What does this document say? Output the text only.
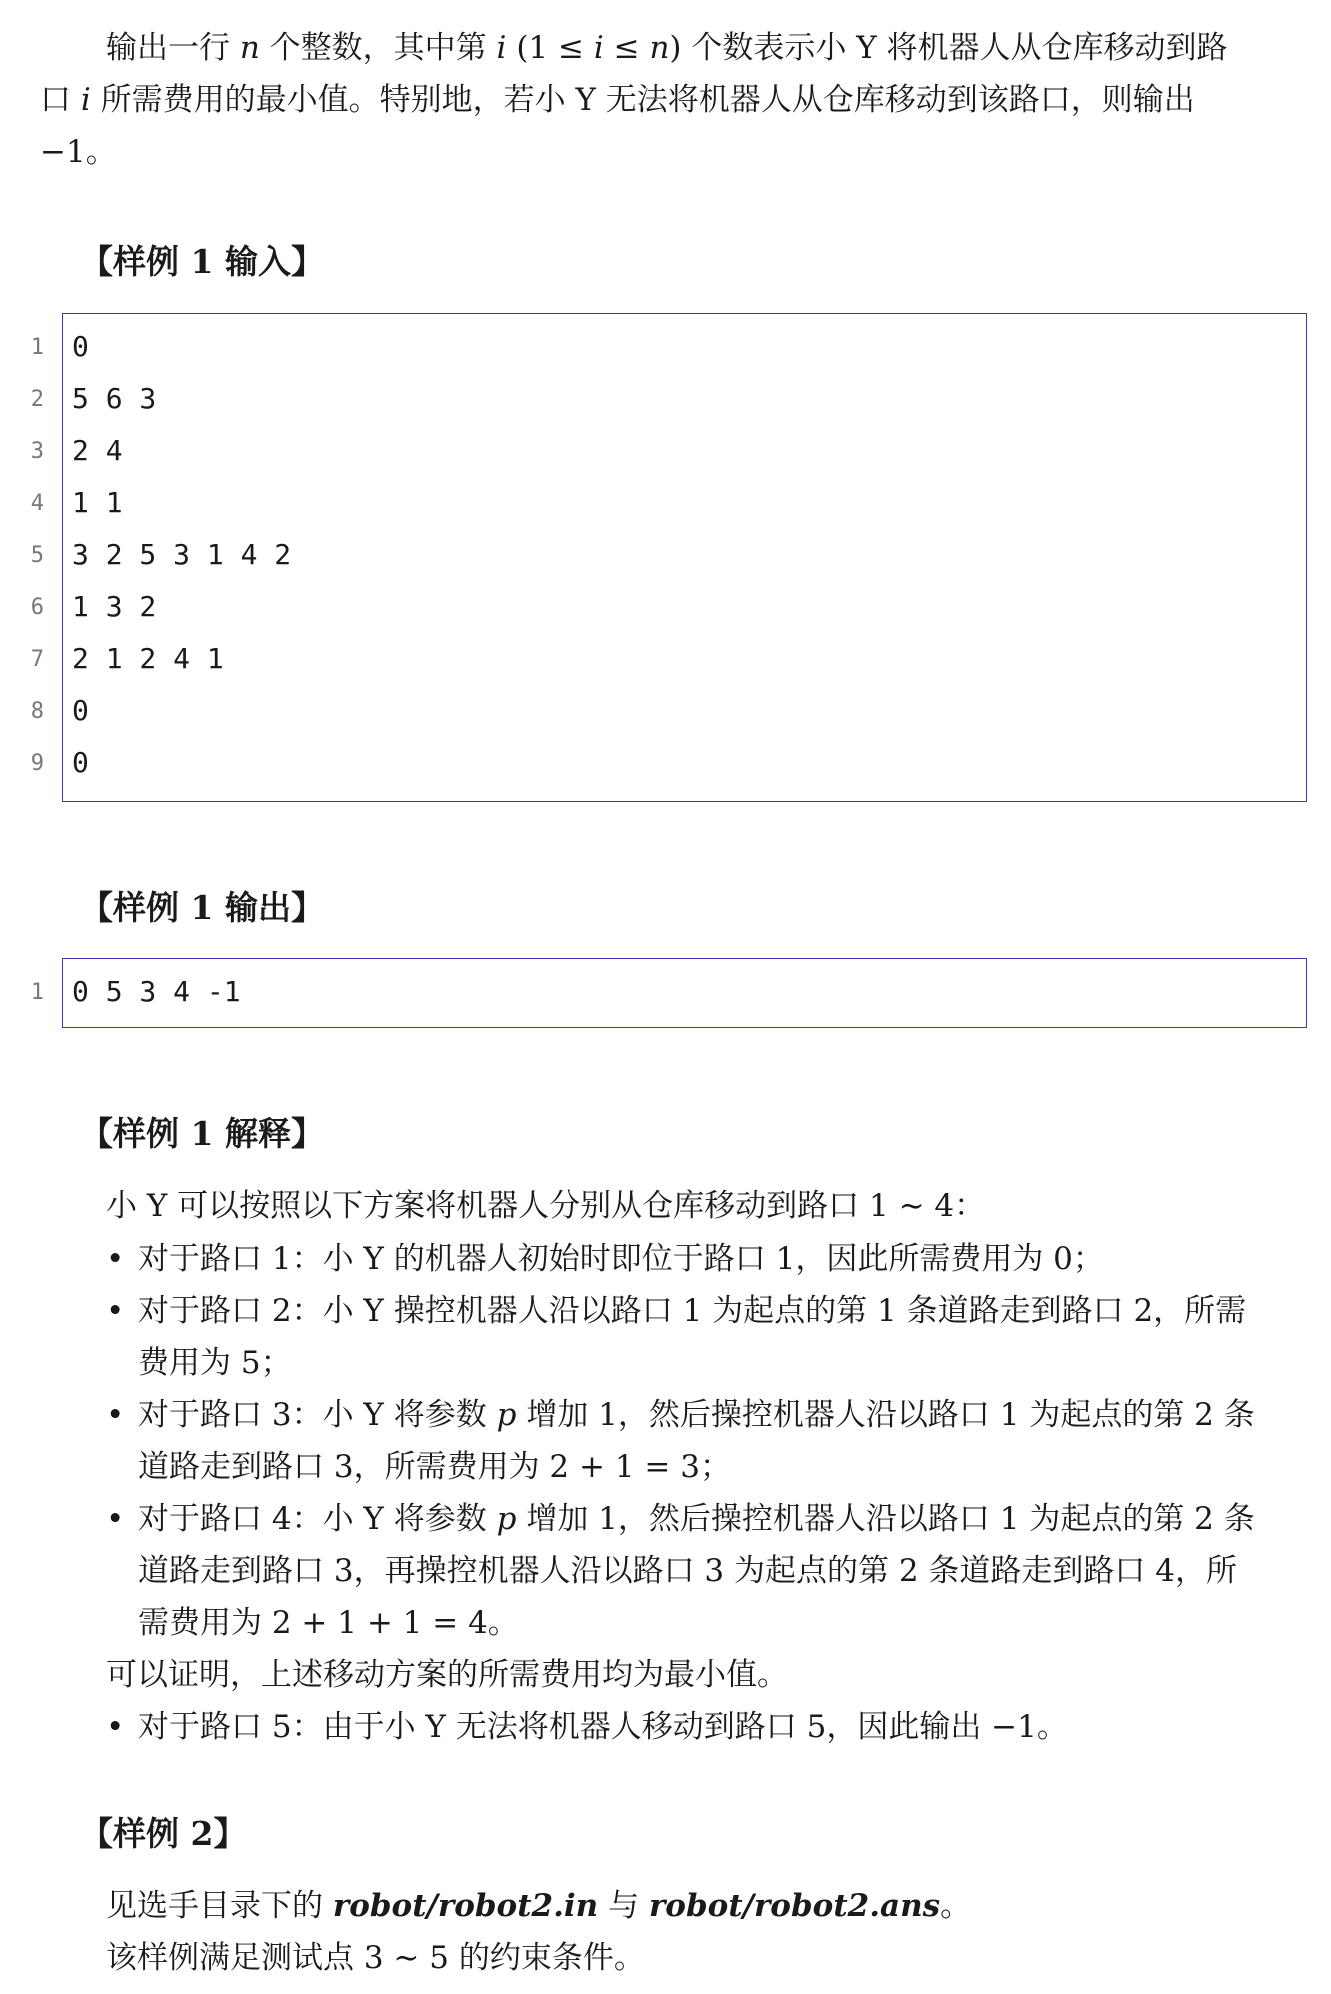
输出一行 n 个整数，其中第 i (1 ≤ i ≤ n) 个数表示小 Y 将机器人从仓库移动到路
口 i 所需费用的最小值。特别地，若小 Y 无法将机器人从仓库移动到该路口，则输出
−1。
【样例 1 输入】
1 0
2 5 6 3
3 2 4
4 1 1
5 3 2 5 3 1 4 2
6 1 3 2
7 2 1 2 4 1
8 0
9 0
【样例 1 输出】
1 0 5 3 4 -1
【样例 1 解释】
小 Y 可以按照以下方案将机器人分别从仓库移动到路口 1 ∼ 4：
• 对于路口 1：小 Y 的机器人初始时即位于路口 1，因此所需费用为 0；
• 对于路口 2：小 Y 操控机器人沿以路口 1 为起点的第 1 条道路走到路口 2，所需
费用为 5；
• 对于路口 3：小 Y 将参数 p 增加 1，然后操控机器人沿以路口 1 为起点的第 2 条
道路走到路口 3，所需费用为 2 + 1 = 3；
• 对于路口 4：小 Y 将参数 p 增加 1，然后操控机器人沿以路口 1 为起点的第 2 条
道路走到路口 3，再操控机器人沿以路口 3 为起点的第 2 条道路走到路口 4，所
需费用为 2 + 1 + 1 = 4。
可以证明，上述移动方案的所需费用均为最小值。
• 对于路口 5：由于小 Y 无法将机器人移动到路口 5，因此输出 −1。
【样例 2】
见选手目录下的 robot/robot2.in 与 robot/robot2.ans。
该样例满足测试点 3 ∼ 5 的约束条件。
